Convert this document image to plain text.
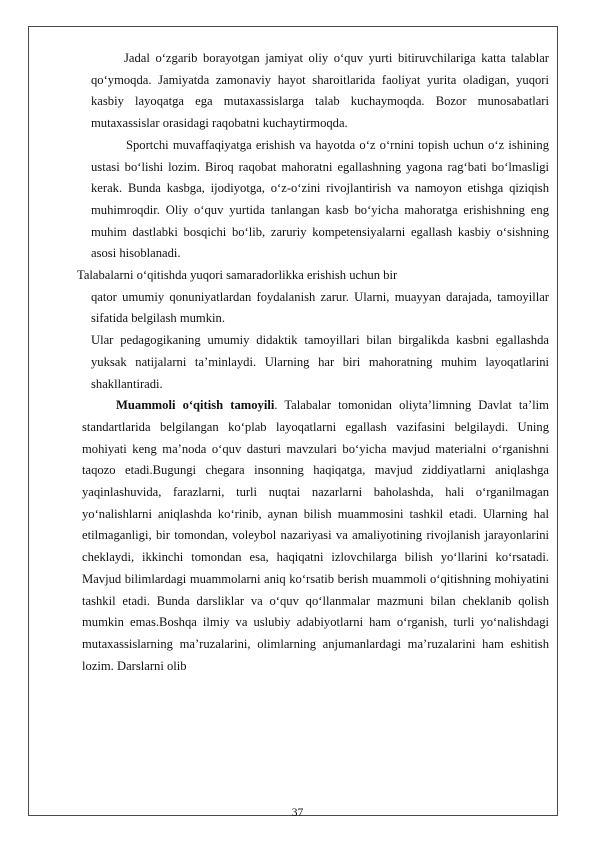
Jadal o‘zgarib borayotgan jamiyat oliy o‘quv yurti bitiruvchilariga katta talablar qo‘ymoqda. Jamiyatda zamonaviy hayot sharoitlarida faoliyat yurita oladigan, yuqori kasbiy layoqatga ega mutaxassislarga talab kuchaymoqda. Bozor munosabatlari mutaxassislar orasidagi raqobatni kuchaytirmoqda.

Sportchi muvaffaqiyatga erishish va hayotda o‘z o‘rnini topish uchun o‘z ishining ustasi bo‘lishi lozim. Biroq raqobat mahoratni egallashning yagona rag‘bati bo‘lmasligi kerak. Bunda kasbga, ijodiyotga, o‘z-o‘zini rivojlantirish va namoyon etishga qiziqish muhimroqdir. Oliy o‘quv yurtida tanlangan kasb bo‘yicha mahoratga erishishning eng muhim dastlabki bosqichi bo‘lib, zaruriy kompetensiyalarni egallash kasbiy o‘sishning asosi hisoblanadi.

Talabalarni o‘qitishda yuqori samaradorlikka erishish uchun bir

qator umumiy qonuniyatlardan foydalanish zarur. Ularni, muayyan darajada, tamoyillar sifatida belgilash mumkin.

Ular pedagogikaning umumiy didaktik tamoyillari bilan birgalikda kasbni egallashda yuksak natijalarni ta’minlaydi. Ularning har biri mahoratning muhim layoqatlarini shakllantiradi.

Muammoli o‘qitish tamoyili. Talabalar tomonidan oliyta’limning Davlat ta’lim standartlarida belgilangan ko‘plab layoqatlarni egallash vazifasini belgilaydi. Uning mohiyati keng ma’noda o‘quv dasturi mavzulari bo‘yicha mavjud materialni o‘rganishni taqozo etadi.Bugungi chegara insonning haqiqatga, mavjud ziddiyatlarni aniqlashga yaqinlashuvida, farazlarni, turli nuqtai nazarlarni baholashda, hali o‘rganilmagan yo‘nalishlarni aniqlashda ko‘rinib, aynan bilish muammosini tashkil etadi. Ularning hal etilmaganligi, bir tomondan, voleybol nazariyasi va amaliyotining rivojlanish jarayonlarini cheklaydi, ikkinchi tomondan esa, haqiqatni izlovchilarga bilish yo‘llarini ko‘rsatadi. Mavjud bilimlardagi muammolarni aniq ko‘rsatib berish muammoli o‘qitishning mohiyatini tashkil etadi. Bunda darsliklar va o‘quv qo‘llanmalar mazmuni bilan cheklanib qolish mumkin emas.Boshqa ilmiy va uslubiy adabiyotlarni ham o‘rganish, turli yo‘nalishdagi mutaxassislarning ma’ruzalarini, olimlarning anjumanlardagi ma’ruzalarini ham eshitish lozim. Darslarni olib

37
